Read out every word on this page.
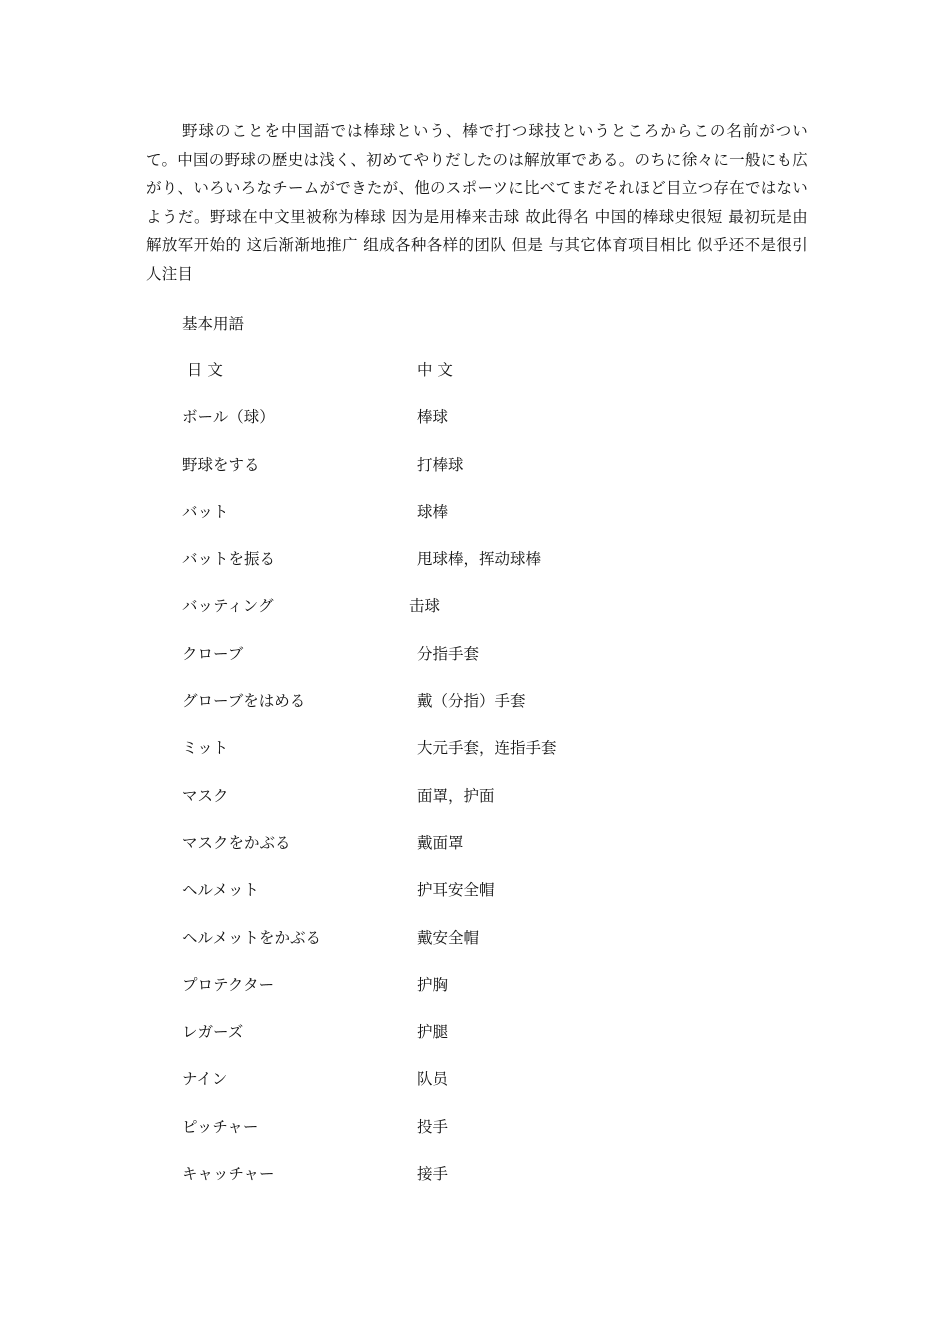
野球のことを中国語では棒球という、棒で打つ球技というところからこの名前がついて。中国の野球の歴史は浅く、初めてやりだしたのは解放軍である。のちに徐々に一般にも広がり、いろいろなチームができたが、他のスポーツに比べてまだそれほど目立つ存在ではないようだ。野球在中文里被称为棒球 因为是用棒来击球 故此得名 中国的棒球史很短 最初玩是由解放军开始的 这后渐渐地推广 组成各种各样的团队 但是 与其它体育项目相比 似乎还不是很引人注目

基本用語

日 文	中 文
ボール（球）	棒球
野球をする	打棒球
バット	球棒
バットを振る	甩球棒，挥动球棒
バッティング	击球
クローブ	分指手套
グローブをはめる	戴（分指）手套
ミット	大元手套，连指手套
マスク	面罩，护面
マスクをかぶる	戴面罩
ヘルメット	护耳安全帽
ヘルメットをかぶる	戴安全帽
プロテクター	护胸
レガーズ	护腿
ナイン	队员
ピッチャー	投手
キャッチャー	接手
